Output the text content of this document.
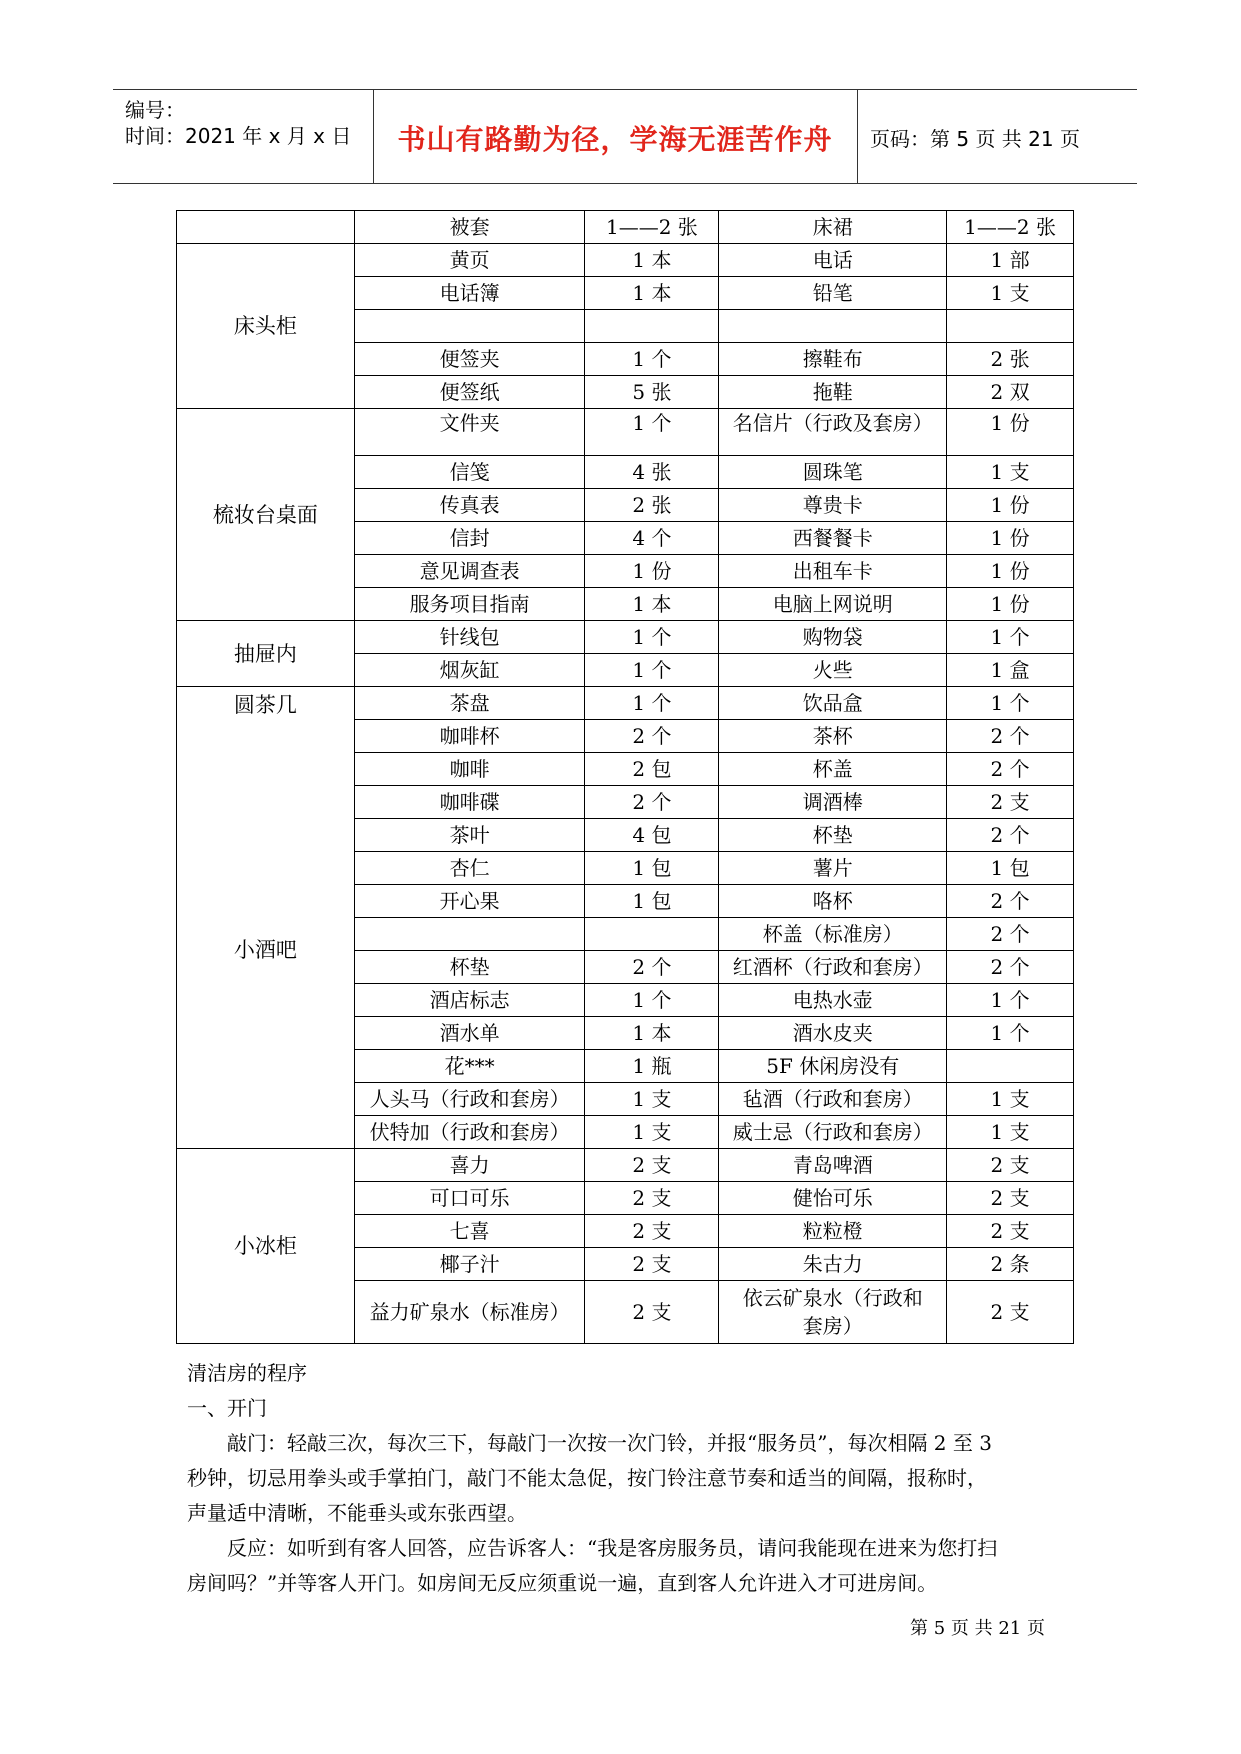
编号：
时间：2021 年 x 月 x 日	书山有路勤为径，学海无涯苦作舟	页码：第 5 页 共 21 页
	被套	1——2 张	床裙	1——2 张
床头柜	黄页	1 本	电话	1 部
	电话簿	1 本	铅笔	1 支

	便签夹	1 个	擦鞋布	2 张
	便签纸	5 张	拖鞋	2 双
梳妆台桌面	文件夹	1 个	名信片（行政及套房）	1 份
	信笺	4 张	圆珠笔	1 支
	传真表	2 张	尊贵卡	1 份
	信封	4 个	西餐餐卡	1 份
	意见调查表	1 份	出租车卡	1 份
	服务项目指南	1 本	电脑上网说明	1 份
抽屉内	针线包	1 个	购物袋	1 个
	烟灰缸	1 个	火些	1 盒
圆茶几	茶盘	1 个	饮品盒	1 个
	咖啡杯	2 个	茶杯	2 个
小酒吧	咖啡	2 包	杯盖	2 个
	咖啡碟	2 个	调酒棒	2 支
	茶叶	4 包	杯垫	2 个
	杏仁	1 包	薯片	1 包
	开心果	1 包	咯杯	2 个
			杯盖（标准房）	2 个
	杯垫	2 个	红酒杯（行政和套房）	2 个
	酒店标志	1 个	电热水壶	1 个
	酒水单	1 本	酒水皮夹	1 个
	花***	1 瓶	5F 休闲房没有	
	人头马（行政和套房）	1 支	毡酒（行政和套房）	1 支
	伏特加（行政和套房）	1 支	威士忌（行政和套房）	1 支
小冰柜	喜力	2 支	青岛啤酒	2 支
	可口可乐	2 支	健怡可乐	2 支
	七喜	2 支	粒粒橙	2 支
	椰子汁	2 支	朱古力	2 条
	益力矿泉水（标准房）	2 支	依云矿泉水（行政和套房）	2 支
清洁房的程序
一、开门
敲门：轻敲三次，每次三下，每敲门一次按一次门铃，并报“服务员”，每次相隔 2 至 3
秒钟，切忌用拳头或手掌拍门，敲门不能太急促，按门铃注意节奏和适当的间隔，报称时，
声量适中清晰，不能垂头或东张西望。
反应：如听到有客人回答，应告诉客人：“我是客房服务员，请问我能现在进来为您打扫
房间吗？”并等客人开门。如房间无反应须重说一遍，直到客人允许进入才可进房间。
第 5 页 共 21 页
